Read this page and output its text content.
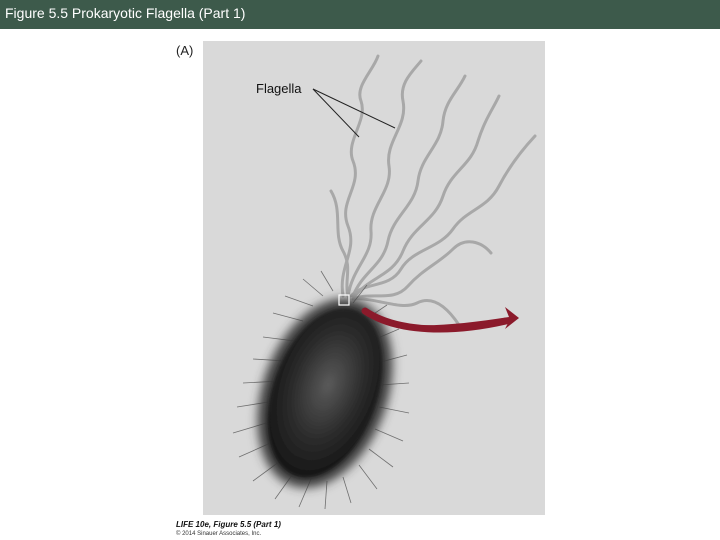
Figure 5.5 Prokaryotic Flagella (Part 1)
(A)
Flagella
LIFE 10e, Figure 5.5 (Part 1)
© 2014 Sinauer Associates, Inc.
